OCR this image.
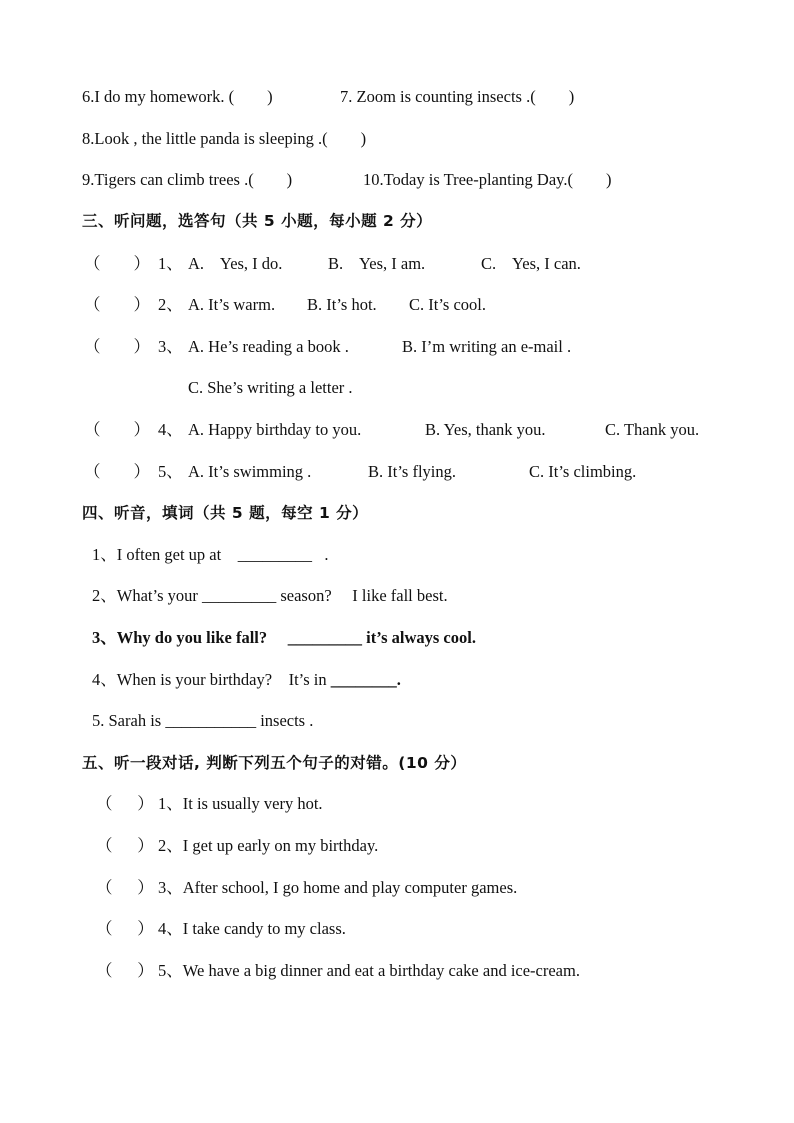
6.I do my homework. (        )	7. Zoom is counting insects .(        )
8.Look , the little panda is sleeping .(        )
9.Tigers can climb trees .(        )	10.Today is Tree-planting Day.(        )
三、听问题，选答句（共 5 小题，每小题 2 分）
（        ） 1、 A.    Yes, I do.	B.    Yes, I am.	C.    Yes, I can.
（        ） 2、 A. It’s warm. B. It’s hot. C. It’s cool.
（        ） 3、 A. He’s reading a book .	B. I’m writing an e-mail .
C. She’s writing a letter .
（        ） 4、 A. Happy birthday to you.	B. Yes, thank you.	C. Thank you.
（        ） 5、 A. It’s swimming .	B. It’s flying.	C. It’s climbing.
四、听音，填词（共 5 题，每空 1 分）
1、I often get up at    _________   .
2、What’s your _________ season?     I like fall best.
3、Why do you like fall?     _________ it’s always cool.
4、When is your birthday?    It’s in ________.
5. Sarah is ___________ insects .
五、听一段对话, 判断下列五个句子的对错。(10 分）
（      ） 1、It is usually very hot.
（      ） 2、I get up early on my birthday.
（      ） 3、After school, I go home and play computer games.
（      ） 4、I take candy to my class.
（      ） 5、We have a big dinner and eat a birthday cake and ice-cream.
